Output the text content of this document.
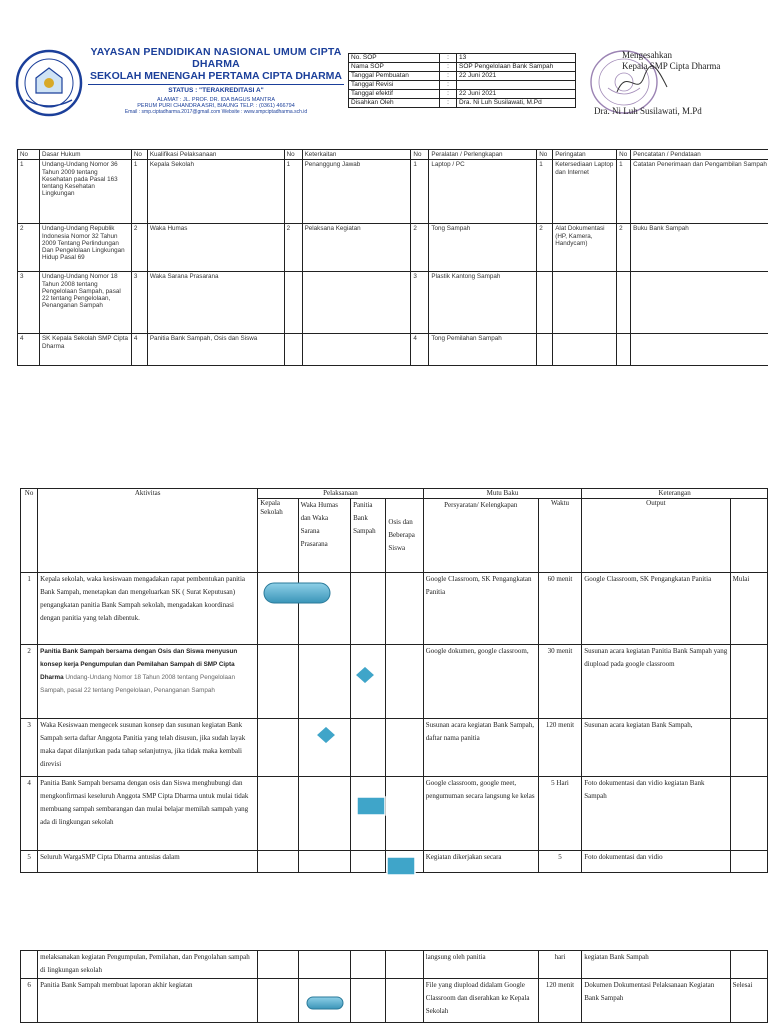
YAYASAN PENDIDIKAN NASIONAL UMUM CIPTA DHARMA
SEKOLAH MENENGAH PERTAMA CIPTA DHARMA
STATUS : "TERAKREDITASI A"
ALAMAT : JL. PROF. DR. IDA BAGUS MANTRA
PERUM PURI CHANDRA ASRI, BIAUNG TELP. : (0361) 466794
Email : smp.ciptadharma.2017@gmail.com Website : www.smpciptadharma.sch.id
No. SOP	:	13
Nama SOP	:	SOP Pengelolaan Bank Sampah
Tanggal Pembuatan	:	22 Juni 2021
Tanggal Revisi	:	
Tanggal efektif	:	22 Juni 2021
Disahkan Oleh	:	Dra. Ni Luh Susilawati, M.Pd
Mengesahkan
Kepala SMP Cipta Dharma
Dra. Ni Luh Susilawati, M.Pd
No	Dasar Hukum	No	Kualifikasi Pelaksanaan	No	Keterkaitan	No	Peralatan / Perlengkapan	No	Peringatan	No	Pencatatan / Pendataan
1	Undang-Undang Nomor 36 Tahun 2009 tentang Kesehatan pada Pasal 163 tentang Kesehatan Lingkungan	1	Kepala Sekolah	1	Penanggung Jawab	1	Laptop / PC	1	Ketersediaan Laptop dan Internet	1	Catatan Penerimaan dan Pengambilan Sampah
2	Undang-Undang Republik Indonesia Nomor 32 Tahun 2009 Tentang Perlindungan Dan Pengelolaan Lingkungan Hidup Pasal 69	2	Waka Humas	2	Pelaksana Kegiatan	2	Tong Sampah	2	Alat Dokumentasi (HP, Kamera, Handycam)	2	Buku Bank Sampah
3	Undang-Undang Nomor 18 Tahun 2008 tentang Pengelolaan Sampah, pasal 22 tentang Pengelolaan, Penanganan Sampah	3	Waka Sarana Prasarana			3	Plastik Kantong Sampah				
4	SK Kepala Sekolah SMP Cipta Dharma	4	Panitia Bank Sampah, Osis dan Siswa			4	Tong Pemilahan Sampah				
No	Aktivitas	Pelaksanaan				Mutu Baku		Keterangan	
		Kepala Sekolah	Waka Humas dan Waka Sarana Prasarana	Panitia Bank Sampah	Osis dan Beberapa Siswa	Persyaratan/ Kelengkapan	Waktu	Output	
1	Kepala sekolah, waka kesiswaan mengadakan rapat pembentukan panitia Bank Sampah, menetapkan dan mengeluarkan SK ( Surat Keputusan) pengangkatan panitia Bank Sampah sekolah, mengadakan koordinasi dengan panitia yang telah dibentuk.					Google Classroom, SK Pengangkatan Panitia	60 menit	Google Classroom, SK Pengangkatan Panitia	Mulai
2	Panitia Bank Sampah bersama dengan Osis dan Siswa menyusun konsep kerja Pengumpulan dan Pemilahan Sampah di SMP Cipta Dharma Undang-Undang Nomor 18 Tahun 2008 tentang Pengelolaan Sampah, pasal 22 tentang Pengelolaan, Penanganan Sampah					Google dokumen, google classroom,	30 menit	Susunan acara kegiatan Panitia Bank Sampah yang diupload pada google classroom	
3	Waka Kesiswaan mengecek susunan konsep dan susunan kegiatan Bank Sampah serta daftar Anggota Panitia yang telah disusun, jika sudah layak maka dapat dilanjutkan pada tahap selanjutnya, jika tidak maka kembali direvisi					Susunan acara kegiatan Bank Sampah, daftar nama panitia	120 menit	Susunan acara kegiatan Bank Sampah,	
4	Panitia Bank Sampah bersama dengan osis dan Siswa menghubungi dan mengkonfirmasi keseluruh Anggota SMP Cipta Dharma untuk mulai tidak membuang sampah sembarangan dan mulai belajar memilah sampah yang ada di lingkungan sekolah					Google classroom, google meet, pengumuman secara langsung ke kelas	5 Hari	Foto dokumentasi dan vidio kegiatan Bank Sampah	
5	Seluruh WargaSMP Cipta Dharma antusias dalam					Kegiatan dikerjakan secara	5	Foto dokumentasi dan vidio	
	melaksanakan kegiatan Pengumpulan, Pemilahan, dan Pengolahan sampah di lingkungan sekolah					langsung oleh panitia	hari	kegiatan Bank Sampah	
6	Panitia Bank Sampah membuat laporan akhir kegiatan					File yang diupload didalam Google Classroom dan diserahkan ke Kepala Sekolah	120 menit	Dokumen Dokumentasi Pelaksanaan Kegiatan Bank Sampah	Selesai
